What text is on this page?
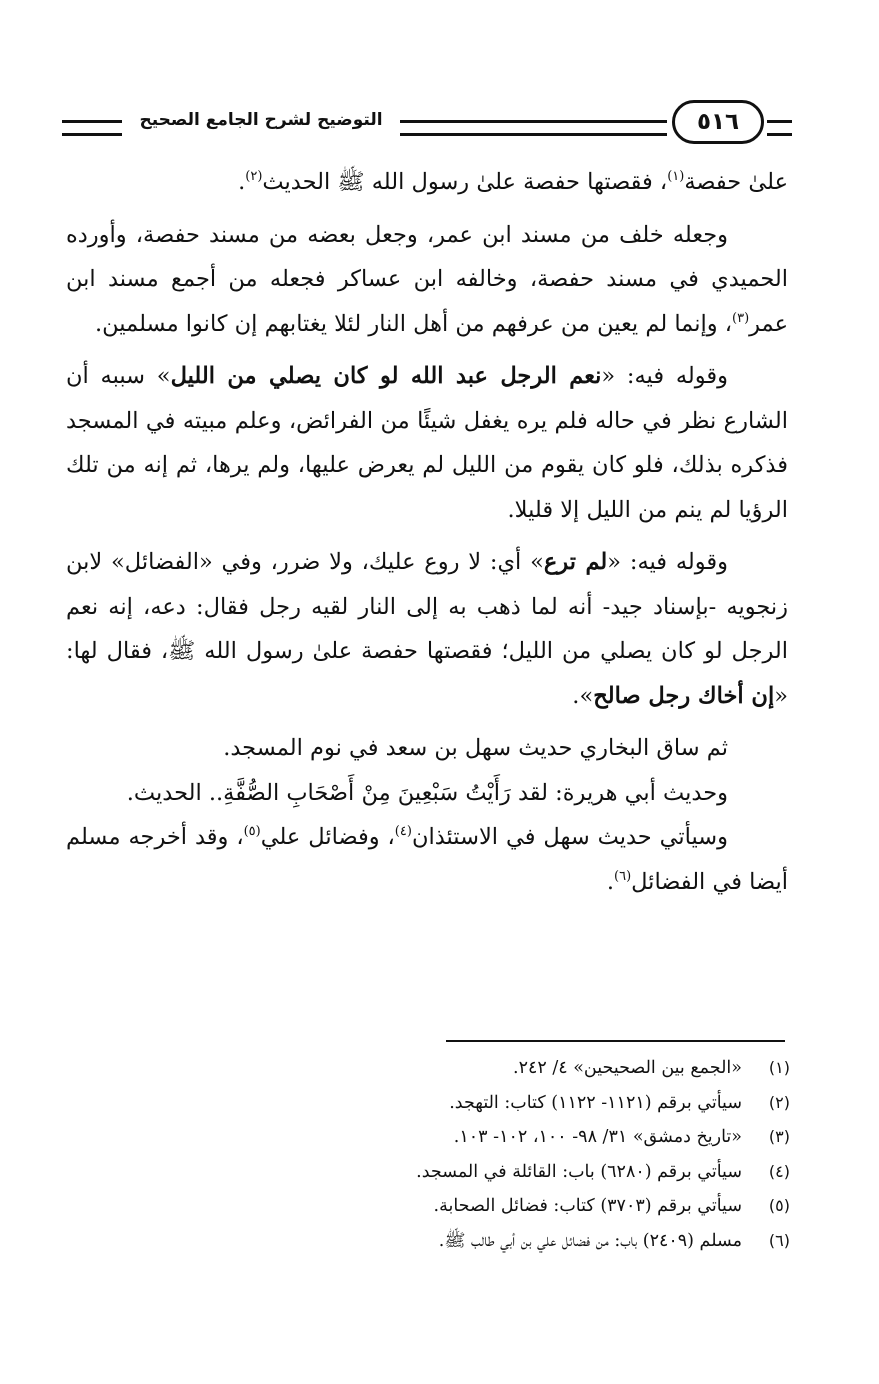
التوضيح لشرح الجامع الصحيح	٥١٦

علىٰ حفصة$^{(١)}$، فقصتها حفصة علىٰ رسول الله ﷺ الحديث$^{(٢)}$.

وجعله خلف من مسند ابن عمر، وجعل بعضه من مسند حفصة، وأورده الحميدي في مسند حفصة، وخالفه ابن عساكر فجعله من أجمع مسند ابن عمر$^{(٣)}$، وإنما لم يعين من عرفهم من أهل النار لئلا يغتابهم إن كانوا مسلمين.

وقوله فيه: «نعم الرجل عبد الله لو كان يصلي من الليل» سببه أن الشارع نظر في حاله فلم يره يغفل شيئًا من الفرائض، وعلم مبيته في المسجد فذكره بذلك، فلو كان يقوم من الليل لم يعرض عليها، ولم يرها، ثم إنه من تلك الرؤيا لم ينم من الليل إلا قليلا.

وقوله فيه: «لم ترع» أي: لا روع عليك، ولا ضرر، وفي «الفضائل» لابن زنجويه -بإسناد جيد- أنه لما ذهب به إلى النار لقيه رجل فقال: دعه، إنه نعم الرجل لو كان يصلي من الليل؛ فقصتها حفصة علىٰ رسول الله ﷺ، فقال لها: «إن أخاك رجل صالح».

ثم ساق البخاري حديث سهل بن سعد في نوم المسجد.

وحديث أبي هريرة: لقد رَأَيْتُ سَبْعِينَ مِنْ أَصْحَابِ الصُّفَّةِ.. الحديث.

وسيأتي حديث سهل في الاستئذان$^{(٤)}$، وفضائل علي$^{(٥)}$، وقد أخرجه مسلم أيضا في الفضائل$^{(٦)}$.

(١)
«الجمع بين الصحيحين» ٤/ ٢٤٢.
(٢)
سيأتي برقم (١١٢١- ١١٢٢) كتاب: التهجد.
(٣)
«تاريخ دمشق» ٣١/ ٩٨- ١٠٠، ١٠٢- ١٠٣.
(٤)
سيأتي برقم (٦٢٨٠) باب: القائلة في المسجد.
(٥)
سيأتي برقم (٣٧٠٣) كتاب: فضائل الصحابة.
(٦)
مسلم (٢٤٠٩) باب: من فضائل علي بن أبي طالب ﷺ.
